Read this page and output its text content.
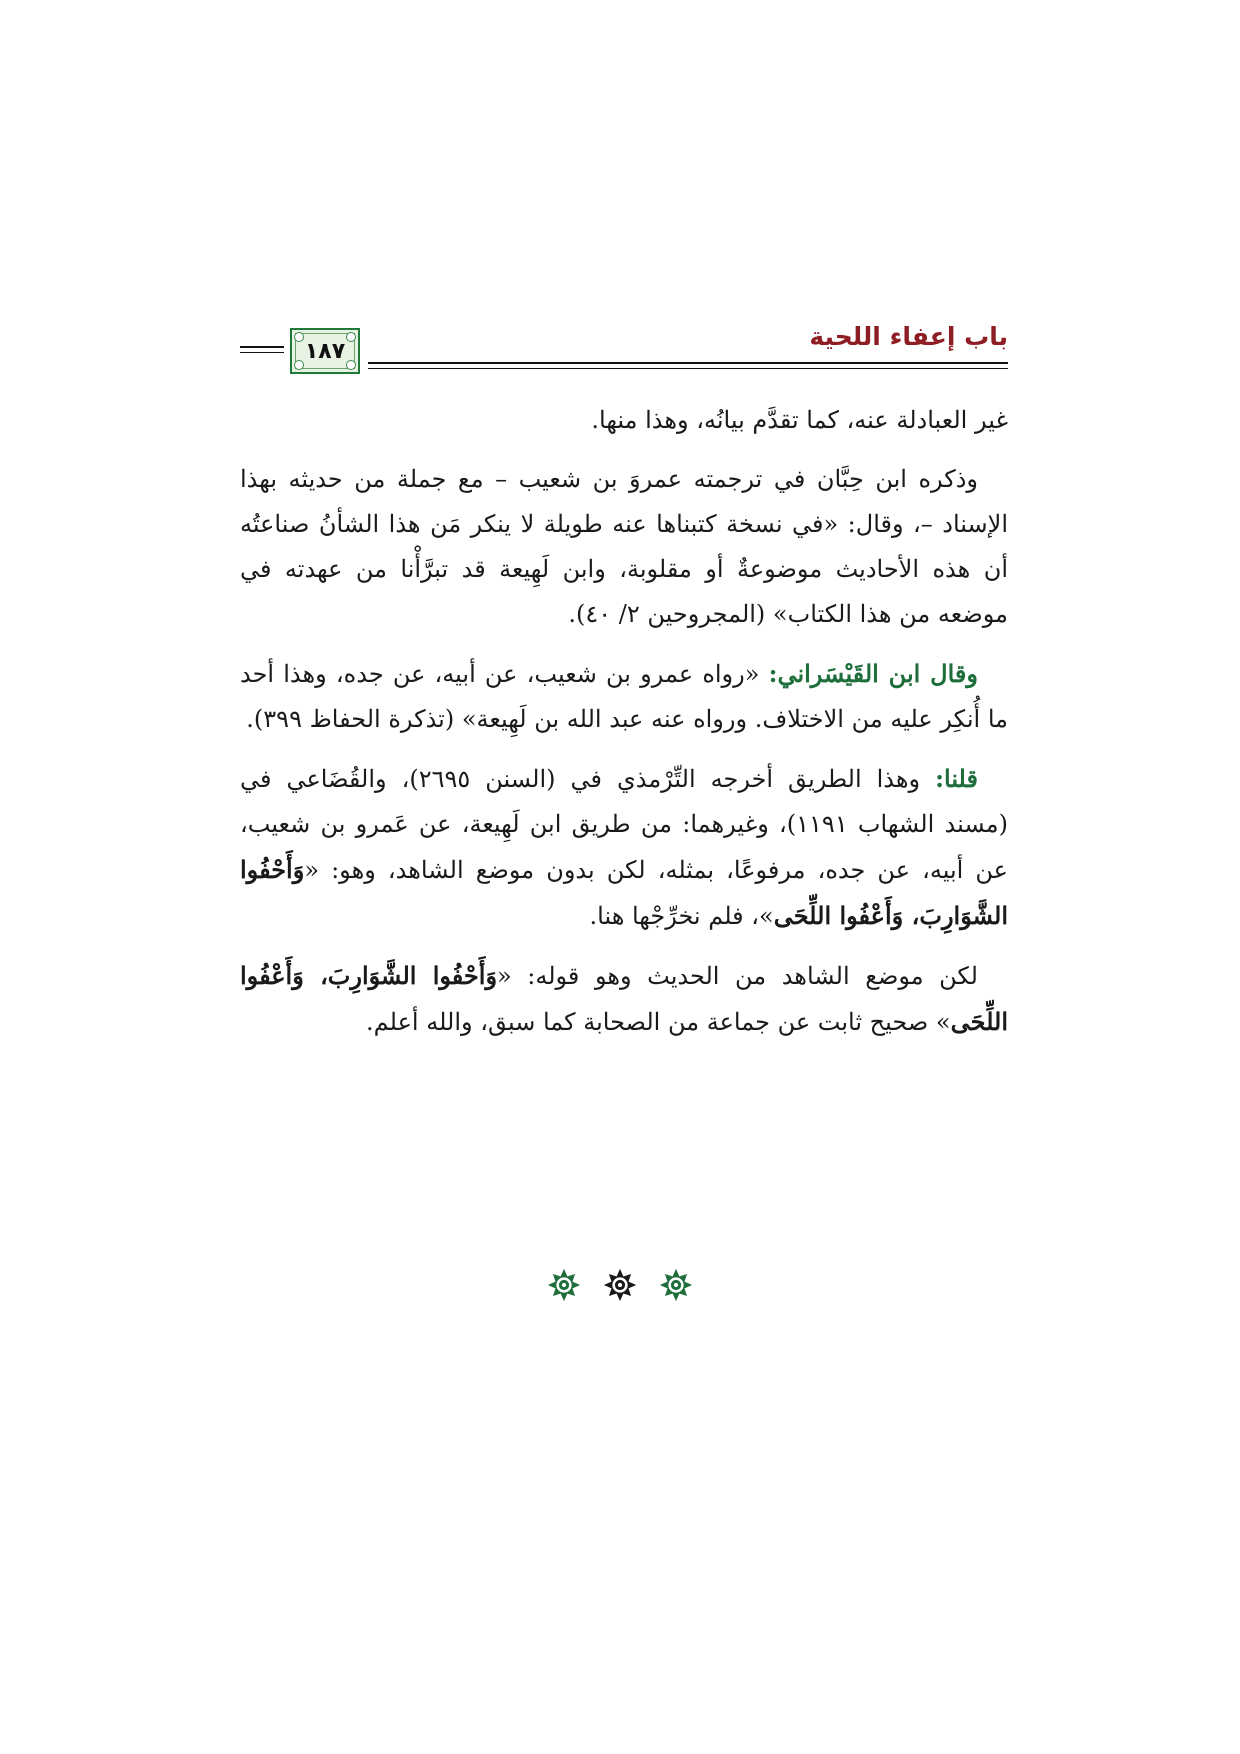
باب إعفاء اللحية
١٨٧

غير العبادلة عنه، كما تقدَّم بيانُه، وهذا منها.

وذكره ابن حِبَّان في ترجمته عمروَ بن شعيب – مع جملة من حديثه بهذا الإسناد –، وقال: «في نسخة كتبناها عنه طويلة لا ينكر مَن هذا الشأنُ صناعتُه أن هذه الأحاديث موضوعةٌ أو مقلوبة، وابن لَهِيعة قد تبرَّأْنا من عهدته في موضعه من هذا الكتاب» (المجروحين ٢/ ٤٠).

وقال ابن القَيْسَراني: «رواه عمرو بن شعيب، عن أبيه، عن جده، وهذا أحد ما أُنكِر عليه من الاختلاف. ورواه عنه عبد الله بن لَهِيعة» (تذكرة الحفاظ ٣٩٩).

قلنا: وهذا الطريق أخرجه التِّرْمذي في (السنن ٢٦٩٥)، والقُضَاعي في (مسند الشهاب ١١٩١)، وغيرهما: من طريق ابن لَهِيعة، عن عَمرو بن شعيب، عن أبيه، عن جده، مرفوعًا، بمثله، لكن بدون موضع الشاهد، وهو: «وَأَحْفُوا الشَّوَارِبَ، وَأَعْفُوا اللِّحَى»، فلم نخرِّجْها هنا.

لكن موضع الشاهد من الحديث وهو قوله: «وَأَحْفُوا الشَّوَارِبَ، وَأَعْفُوا اللِّحَى» صحيح ثابت عن جماعة من الصحابة كما سبق، والله أعلم.
